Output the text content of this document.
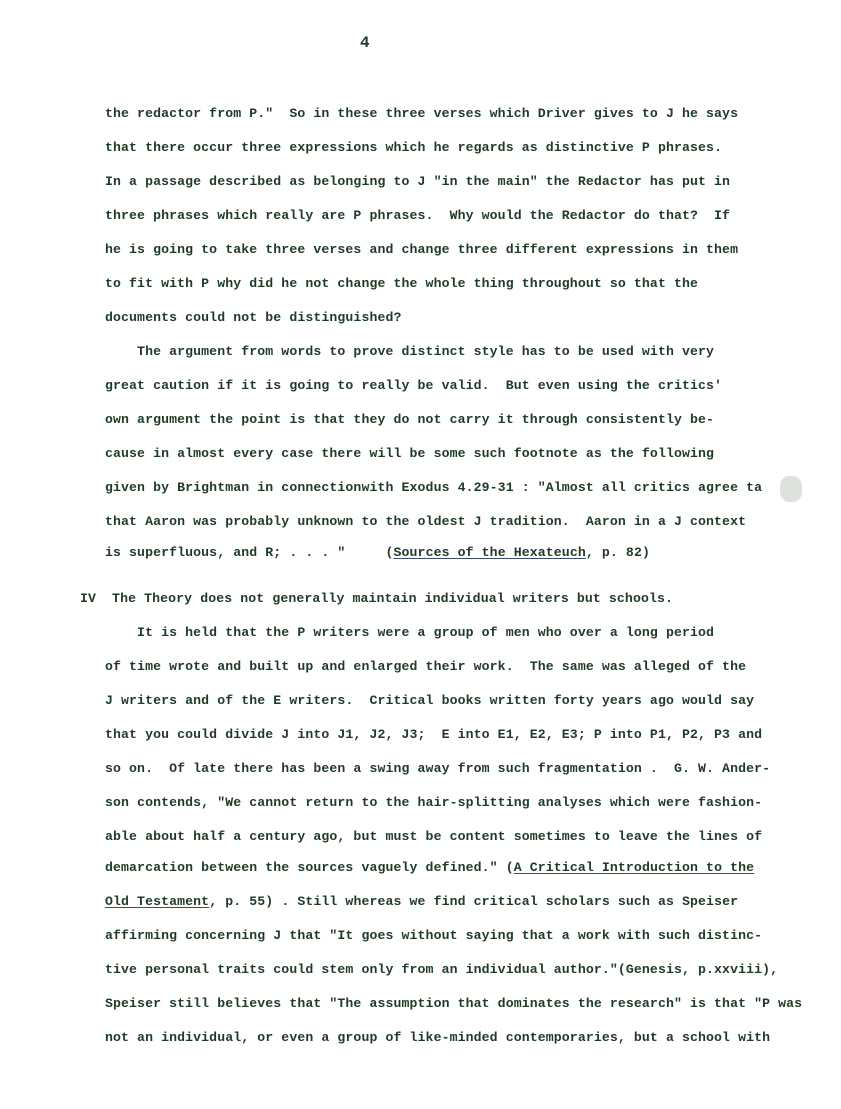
4
the redactor from P."  So in these three verses which Driver gives to J he says
that there occur three expressions which he regards as distinctive P phrases.
In a passage described as belonging to J "in the main" the Redactor has put in
three phrases which really are P phrases.  Why would the Redactor do that?  If
he is going to take three verses and change three different expressions in them
to fit with P why did he not change the whole thing throughout so that the
documents could not be distinguished?
The argument from words to prove distinct style has to be used with very
great caution if it is going to really be valid.  But even using the critics'
own argument the point is that they do not carry it through consistently be-
cause in almost every case there will be some such footnote as the following
given by Brightman in connectionwith Exodus 4.29-31 : "Almost all critics agree ta
that Aaron was probably unknown to the oldest J tradition.  Aaron in a J context
is superfluous, and R; . . . "	(Sources of the Hexateuch, p. 82)
IV  The Theory does not generally maintain individual writers but schools.
It is held that the P writers were a group of men who over a long period
of time wrote and built up and enlarged their work.  The same was alleged of the
J writers and of the E writers.  Critical books written forty years ago would say
that you could divide J into J1, J2, J3;  E into E1, E2, E3; P into P1, P2, P3 and
so on.  Of late there has been a swing away from such fragmentation .  G. W. Ander-
son contends, "We cannot return to the hair-splitting analyses which were fashion-
able about half a century ago, but must be content sometimes to leave the lines of
demarcation between the sources vaguely defined." (A Critical Introduction to the
Old Testament, p. 55) . Still whereas we find critical scholars such as Speiser
affirming concerning J that "It goes without saying that a work with such distinc-
tive personal traits could stem only from an individual author."(Genesis, p.xxviii),
Speiser still believes that "The assumption that dominates the research" is that "P was
not an individual, or even a group of like-minded contemporaries, but a school with
